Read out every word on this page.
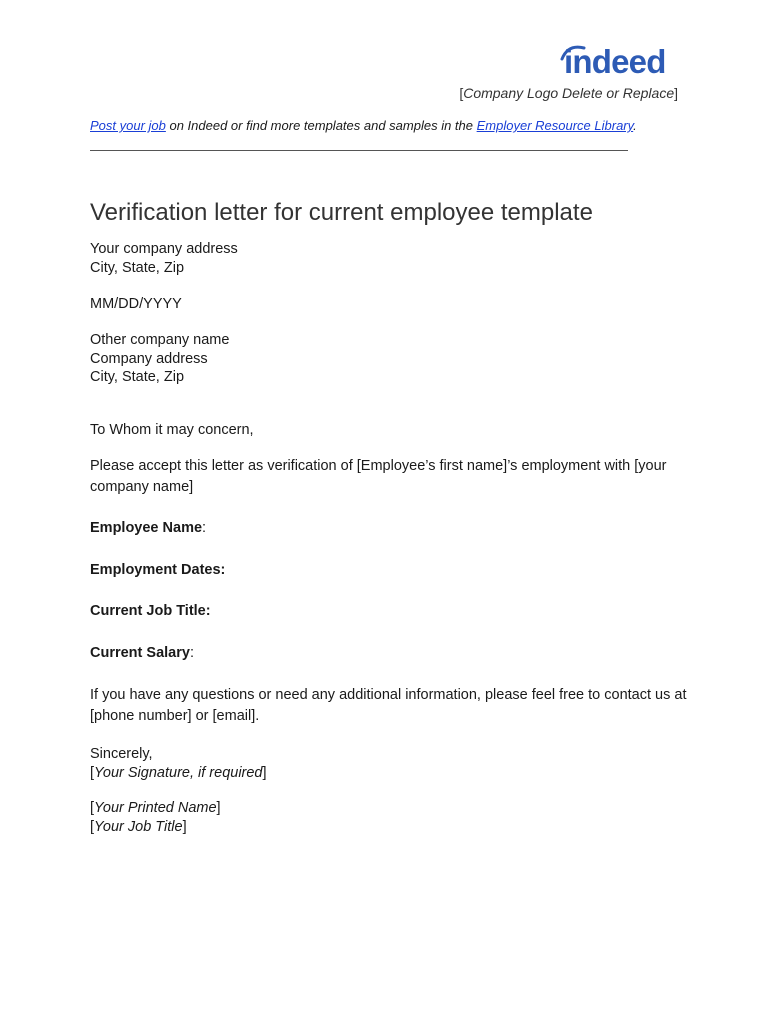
indeed
[Company Logo Delete or Replace]
Post your job on Indeed or find more templates and samples in the Employer Resource Library.
Verification letter for current employee template
Your company address
City, State, Zip
MM/DD/YYYY
Other company name
Company address
City, State, Zip
To Whom it may concern,
Please accept this letter as verification of [Employee’s first name]’s employment with [your company name]
Employee Name:
Employment Dates:
Current Job Title:
Current Salary:
If you have any questions or need any additional information, please feel free to contact us at [phone number] or [email].
Sincerely,
[Your Signature, if required]
[Your Printed Name]
[Your Job Title]
